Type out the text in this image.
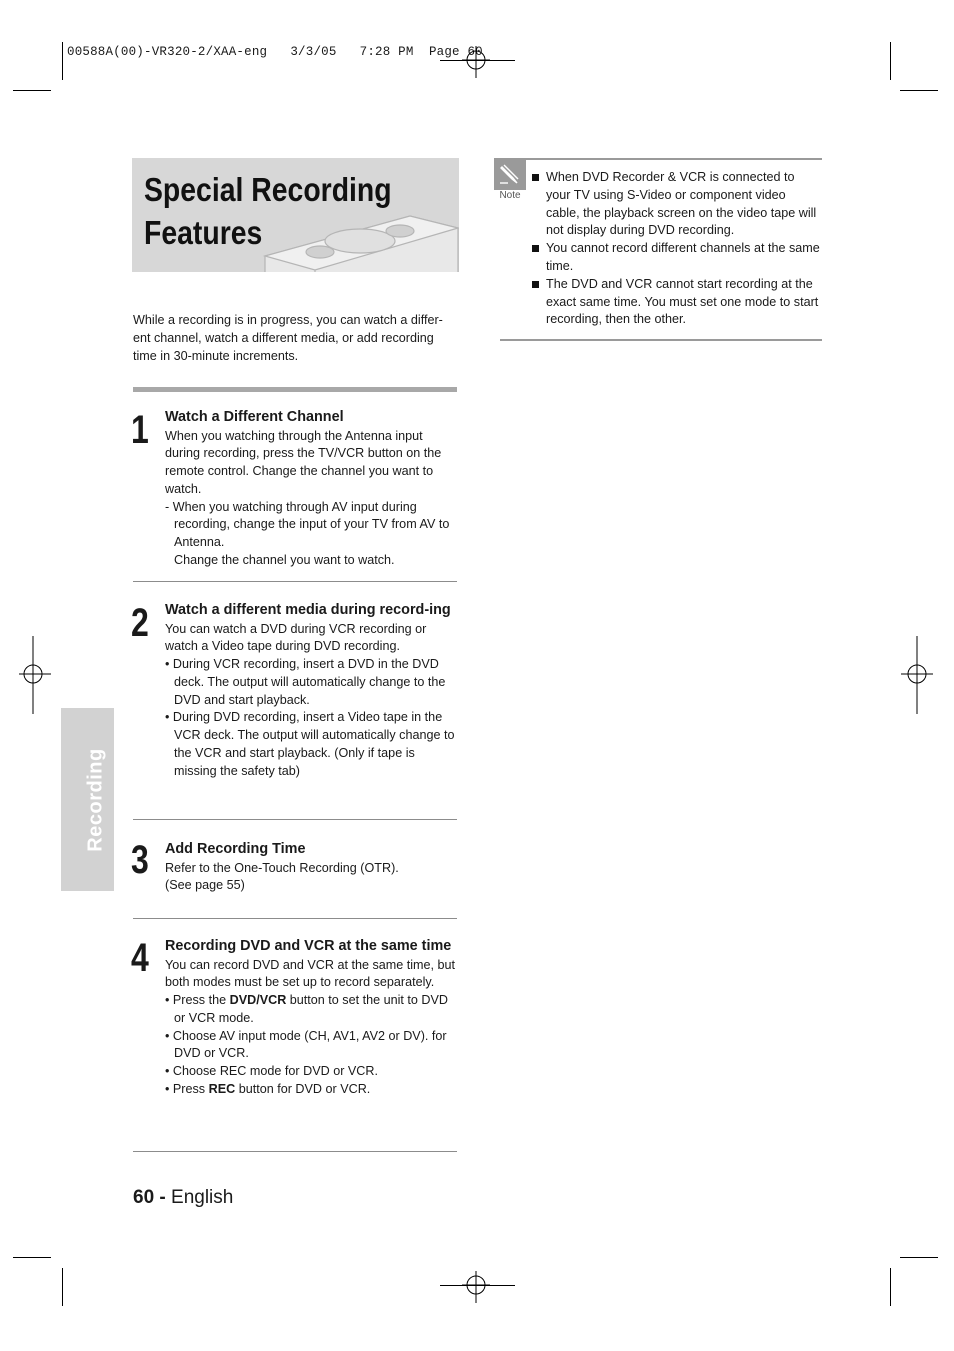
00588A(00)-VR320-2/XAA-eng   3/3/05   7:28 PM  Page 60
Special Recording
Features
While a recording is in progress, you can watch a differ-ent channel, watch a different media, or add recording time in 30-minute increments.
1 Watch a Different Channel

When you watching through the Antenna input during recording, press the TV/VCR button on the remote control. Change the channel you want to watch.

- When you watching through AV input during recording, change the input of your TV from AV to Antenna.

Change the channel you want to watch.

2 Watch a different media during record-ing

You can watch a DVD during VCR recording or watch a Video tape during DVD recording.

• During VCR recording, insert a DVD in the DVD deck. The output will automatically change to the DVD and start playback.

• During DVD recording, insert a Video tape in the VCR deck. The output will automatically change to the VCR and start playback. (Only if tape is missing the safety tab)

3 Add Recording Time

Refer to the One-Touch Recording (OTR).

(See page 55)

4 Recording DVD and VCR at the same time

You can record DVD and VCR at the same time, but both modes must be set up to record separately.

• Press the DVD/VCR button to set the unit to DVD or VCR mode.

• Choose AV input mode (CH, AV1, AV2 or DV). for DVD or VCR.

• Choose REC mode for DVD or VCR.

• Press REC button for DVD or VCR.

Note
When DVD Recorder & VCR is connected to your TV using S-Video or component video cable, the playback screen on the video tape will not display during DVD recording.
You cannot record different channels at the same time.
The DVD and VCR cannot start recording at the exact same time. You must set one mode to start recording, then the other.
Recording
60 - English
